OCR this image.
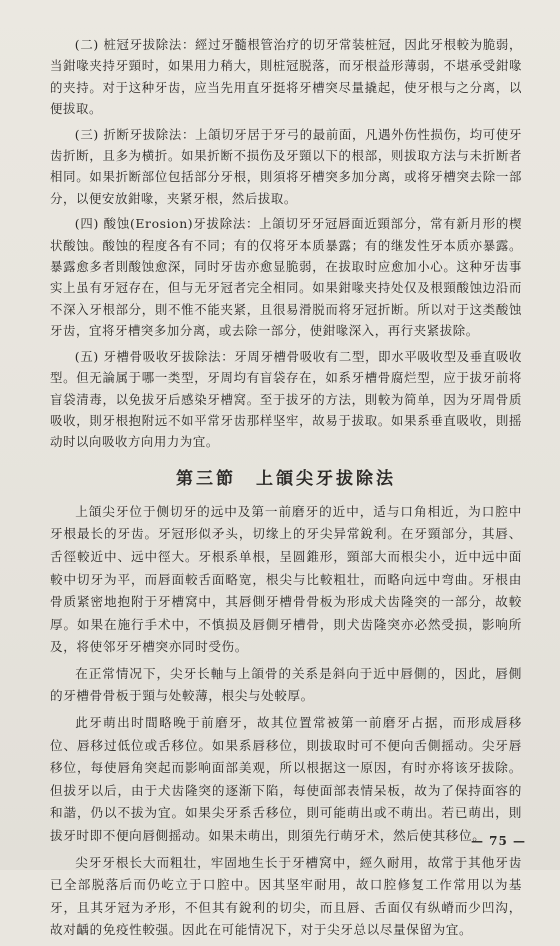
(二) 桩冠牙拔除法：經过牙髓根管治疗的切牙常装桩冠，因此牙根較为脆弱，当鉗喙夹持牙頸时，如果用力稍大，則桩冠脱落，而牙根益形薄弱，不堪承受鉗喙的夹持。对于这种牙齿，应当先用直牙挺将牙槽突尽量撬起，使牙根与之分离，以便拔取。

(三) 折断牙拔除法：上頜切牙居于牙弓的最前面，凡遇外伤性损伤，均可使牙齿折断，且多为横折。如果折断不损伤及牙頸以下的根部，则拔取方法与未折断者相同。如果折断部位包括部分牙根，則須将牙槽突多加分离，或将牙槽突去除一部分，以便安放鉗喙，夹紧牙根，然后拔取。

(四) 酸蚀(Erosion)牙拔除法：上頜切牙牙冠唇面近頸部分，常有新月形的楔状酸蚀。酸蚀的程度各有不同；有的仅将牙本质暴露；有的继发性牙本质亦暴露。暴露愈多者則酸蚀愈深，同时牙齿亦愈显脆弱，在拔取时应愈加小心。这种牙齿事实上虽有牙冠存在，但与无牙冠者完全相同。如果鉗喙夹持处仅及根頸酸蚀边沿而不深入牙根部分，則不惟不能夹紧，且很易滑脱而将牙冠折断。所以对于这类酸蚀牙齿，宜将牙槽突多加分离，或去除一部分，使鉗喙深入，再行夹紧拔除。

(五) 牙槽骨吸收牙拔除法：牙周牙槽骨吸收有二型，即水平吸收型及垂直吸收型。但无論属于哪一类型，牙周均有盲袋存在，如系牙槽骨腐烂型，应于拔牙前将盲袋清毒，以免拔牙后感染牙槽窝。至于拔牙的方法，則較为简单，因为牙周骨质吸收，則牙根抱附远不如平常牙齿那样坚牢，故易于拔取。如果系垂直吸收，則摇动时以向吸收方向用力为宜。

第三節　上頜尖牙拔除法

上頜尖牙位于侧切牙的远中及第一前磨牙的近中，适与口角相近，为口腔中牙根最长的牙齿。牙冠形似矛头，切缘上的牙尖异常銳利。在牙頸部分，其唇、舌徑較近中、远中徑大。牙根系单根，呈圆錐形，頸部大而根尖小，近中远中面較中切牙为平，而唇面較舌面略宽，根尖与比較粗壮，而略向远中弯曲。牙根由骨质紧密地抱附于牙槽窝中，其唇側牙槽骨骨板为形成犬齿隆突的一部分，故較厚。如果在施行手术中，不慎损及唇側牙槽骨，則犬齿隆突亦必然受损，影响所及，将使邻牙牙槽突亦同时受伤。

在正常情况下，尖牙长軸与上頜骨的关系是斜向于近中唇側的，因此，唇側的牙槽骨骨板于頸与处較薄，根尖与处較厚。

此牙萌出时間略晚于前磨牙，故其位置常被第一前磨牙占据，而形成唇移位、唇移过低位或舌移位。如果系唇移位，則拔取时可不便向舌側摇动。尖牙唇移位，每使唇角突起而影响面部美观，所以根据这一原因，有时亦将该牙拔除。但拔牙以后，由于犬齿隆突的逐渐下陷，每使面部表情呆板，故为了保持面容的和諧，仍以不拔为宜。如果尖牙系舌移位，則可能萌出或不萌出。若已萌出，則拔牙时即不便向唇側摇动。如果未萌出，則須先行萌牙术，然后使其移位。

尖牙牙根长大而粗壮，牢固地生长于牙槽窝中，經久耐用，故常于其他牙齿已全部脱落后而仍屹立于口腔中。因其坚牢耐用，故口腔修复工作常用以为基牙，且其牙冠为矛形，不但其有銳利的切尖，而且唇、舌面仅有纵嵴而少凹沟，故对齲的免疫性較强。因此在可能情况下，对于尖牙总以尽量保留为宜。

— 75 —
